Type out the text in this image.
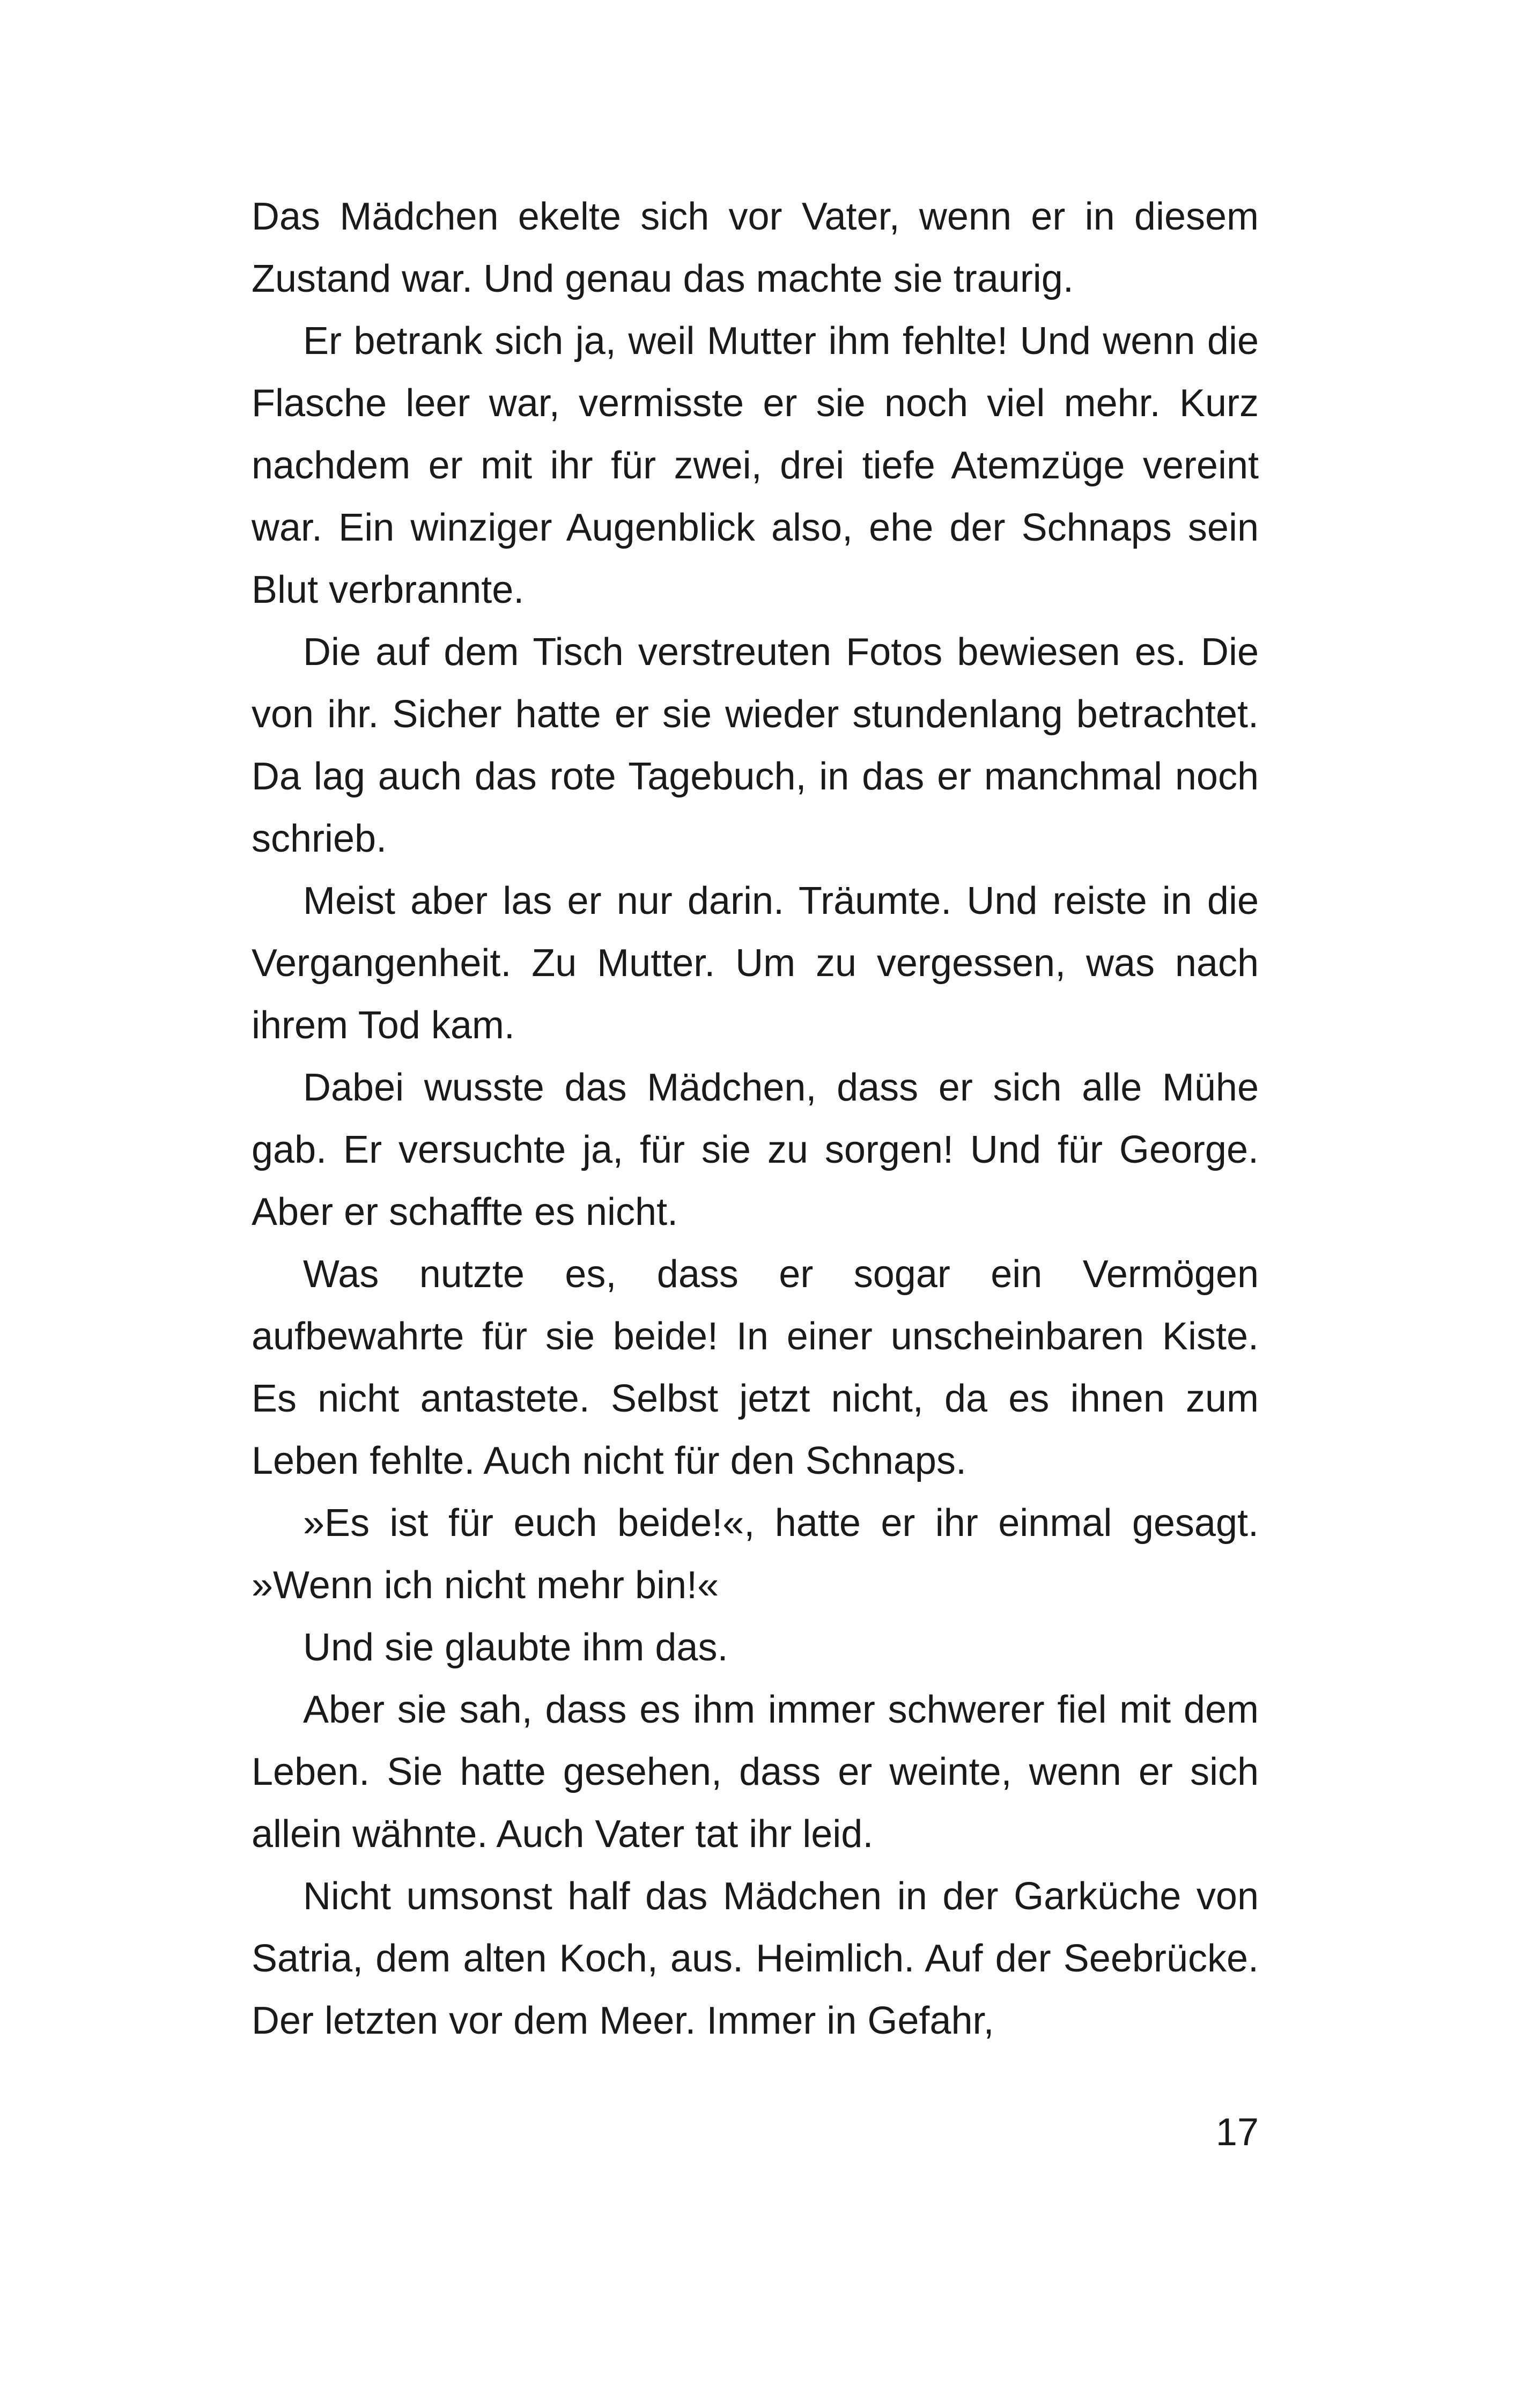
Das Mädchen ekelte sich vor Vater, wenn er in diesem Zustand war. Und genau das machte sie traurig.

Er betrank sich ja, weil Mutter ihm fehlte! Und wenn die Flasche leer war, vermisste er sie noch viel mehr. Kurz nachdem er mit ihr für zwei, drei tiefe Atemzüge vereint war. Ein winziger Augenblick also, ehe der Schnaps sein Blut verbrannte.

Die auf dem Tisch verstreuten Fotos bewiesen es. Die von ihr. Sicher hatte er sie wieder stundenlang betrachtet. Da lag auch das rote Tagebuch, in das er manchmal noch schrieb.

Meist aber las er nur darin. Träumte. Und reiste in die Vergangenheit. Zu Mutter. Um zu vergessen, was nach ihrem Tod kam.

Dabei wusste das Mädchen, dass er sich alle Mühe gab. Er versuchte ja, für sie zu sorgen! Und für George. Aber er schaffte es nicht.

Was nutzte es, dass er sogar ein Vermögen aufbewahrte für sie beide! In einer unscheinbaren Kiste. Es nicht antastete. Selbst jetzt nicht, da es ihnen zum Leben fehlte. Auch nicht für den Schnaps.

»Es ist für euch beide!«, hatte er ihr einmal gesagt. »Wenn ich nicht mehr bin!«

Und sie glaubte ihm das.

Aber sie sah, dass es ihm immer schwerer fiel mit dem Leben. Sie hatte gesehen, dass er weinte, wenn er sich allein wähnte. Auch Vater tat ihr leid.

Nicht umsonst half das Mädchen in der Garküche von Satria, dem alten Koch, aus. Heimlich. Auf der Seebrücke. Der letzten vor dem Meer. Immer in Gefahr,

17
